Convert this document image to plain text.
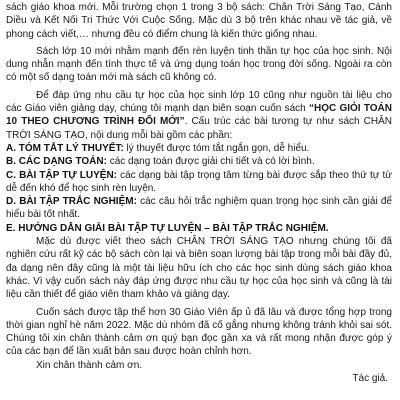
sách giáo khoa mới. Mỗi trường chọn 1 trong 3 bộ sách: Chân Trời Sáng Tạo, Cánh Diều và Kết Nối Tri Thức Với Cuộc Sống. Mặc dù 3 bộ trên khác nhau về tác giả, về phong cách viết,… nhưng đều có điểm chung là kiến thức giống nhau.

Sách lớp 10 mới nhằm mạnh đến rèn luyện tinh thần tự học của học sinh. Nội dung nhẫn mạnh đến tính thực tế và ứng dụng toán học trong đời sống. Ngoài ra còn có một số dạng toán mới mà sách cũ không có.

Để đáp ứng nhu cầu tự học của học sinh lớp 10 cũng như nguồn tài liệu cho các Giáo viên giảng dạy, chúng tôi mạnh dạn biên soạn cuốn sách “HỌC GIỎI TOÁN 10 THEO CHƯƠNG TRÌNH ĐỔI MỚI”. Cấu trúc các bài tương tự như sách CHÂN TRỜI SÁNG TẠO, nội dung mỗi bài gồm các phần:

A. TÓM TẮT LÝ THUYẾT: lý thuyết được tóm tắt ngắn gọn, dễ hiểu.

B. CÁC DẠNG TOÁN: các dạng toán được giải chi tiết và có lời bình.

C. BÀI TẬP TỰ LUYỆN: các dạng bài tập trọng tâm từng bài được sắp theo thứ tự từ dễ đến khó để học sinh rèn luyện.

D. BÀI TẬP TRẮC NGHIỆM: các câu hỏi trắc nghiệm quan trọng học sinh cần giải để hiểu bài tốt nhất.

E. HƯỚNG DẪN GIẢI BÀI TẬP TỰ LUYỆN – BÀI TẬP TRẮC NGHIỆM.

Mặc dù được viết theo sách CHÂN TRỜI SÁNG TẠO nhưng chúng tôi đã nghiên cứu rất kỹ các bộ sách còn lại và biên soạn lượng bài tập trong mỗi bài đầy đủ, đa dạng nên đây cũng là một tài liệu hữu ích cho các học sinh dùng sách giáo khoa khác. Vì vậy cuốn sách này đáp ứng được nhu cầu tự học của học sinh và cũng là tài liệu cần thiết để giáo viên tham khảo và giảng dạy.

Cuốn sách được tập thể hơn 30 Giáo Viên ấp ủ đã lâu và được tổng hợp trong thời gian nghỉ hè năm 2022. Mặc dù nhóm đã cố gắng nhưng không tránh khỏi sai sót. Chúng tôi xin chân thành cảm ơn quý bạn đọc gần xa và rất mong nhận được góp ý của các bạn để lần xuất bản sau được hoàn chỉnh hơn.

Xin chân thành cảm ơn.

Tác giả.
